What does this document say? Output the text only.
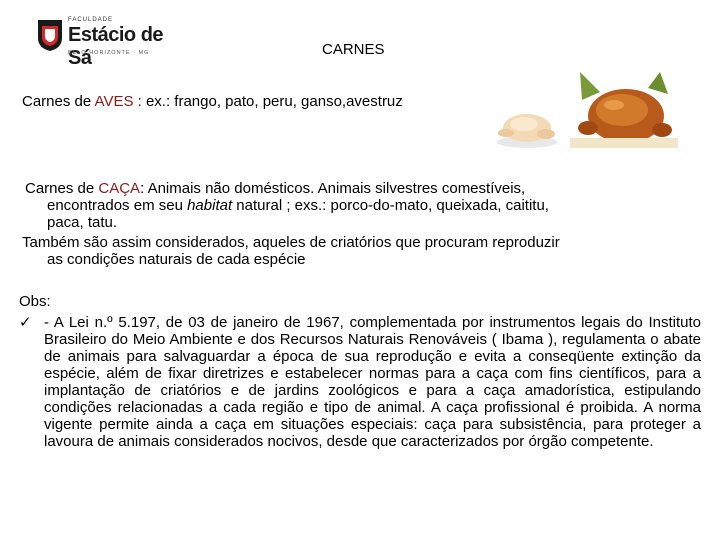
FACULDADE
Estácio de Sá
BELO HORIZONTE · MG	CARNES
Carnes de AVES : ex.: frango, pato, peru, ganso,avestruz
Carnes de CAÇA: Animais não domésticos. Animais silvestres comestíveis,
encontrados em seu habitat natural ; exs.: porco-do-mato, queixada, caititu,
paca, tatu.
Também são assim considerados, aqueles de criatórios que procuram reproduzir
as condições naturais de cada espécie
Obs:
✓ - A Lei n.º 5.197, de 03 de janeiro de 1967, complementada por instrumentos legais do Instituto Brasileiro do Meio Ambiente e dos Recursos Naturais Renováveis ( Ibama ), regulamenta o abate de animais para salvaguardar a época de sua reprodução e evita a conseqüente extinção da espécie, além de fixar diretrizes e estabelecer normas para a caça com fins científicos, para a implantação de criatórios e de jardins zoológicos e para a caça amadorística, estipulando condições relacionadas a cada região e tipo de animal. A caça profissional é proibida. A norma vigente permite ainda a caça em situações especiais: caça para subsistência, para proteger a lavoura de animais considerados nocivos, desde que caracterizados por órgão competente.
